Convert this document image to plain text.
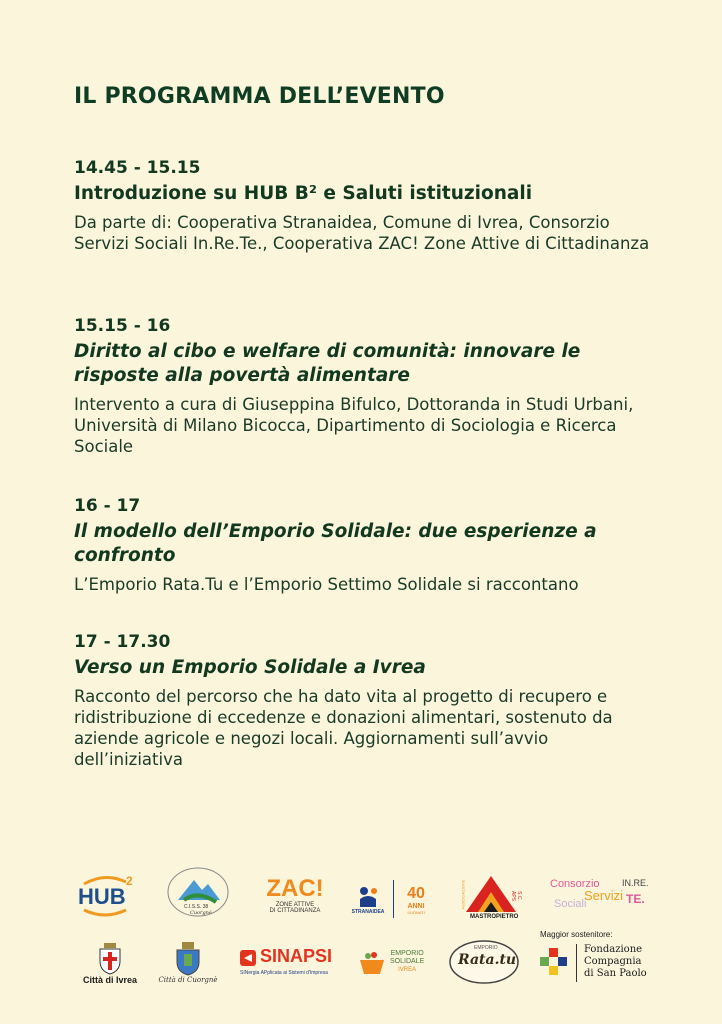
IL PROGRAMMA DELL’EVENTO
14.45 - 15.15
Introduzione su HUB B² e Saluti istituzionali
Da parte di: Cooperativa Stranaidea, Comune di Ivrea, Consorzio Servizi Sociali In.Re.Te., Cooperativa ZAC! Zone Attive di Cittadinanza
15.15 - 16
Diritto al cibo e welfare di comunità: innovare le risposte alla povertà alimentare
Intervento a cura di Giuseppina Bifulco, Dottoranda in Studi Urbani, Università di Milano Bicocca, Dipartimento di Sociologia e Ricerca Sociale
16 - 17
Il modello dell’Emporio Solidale: due esperienze a confronto
L’Emporio Rata.Tu e l’Emporio Settimo Solidale si raccontano
17 - 17.30
Verso un Emporio Solidale a Ivrea
Racconto del percorso che ha dato vita al progetto di recupero e ridistribuzione di eccedenze e donazioni alimentari, sostenuto da aziende agricole e negozi locali. Aggiornamenti sull’avvio dell’iniziativa
HUB
2
C.I.S.S. 38
Cuorgnè
ZAC!
ZONE ATTIVE
DI CITTADINANZA	STRANAIDEA
40
ANNI
SUONATI
MASTROPIETRO
ASSOCIAZIONE	S.C. APS
Consorzio
Servizi
Sociali
IN.RE.
TE.
Città di Ivrea	Città di Cuorgnè
SINAPSI
SINergia APplicata ai Sistemi d'Impresa
EMPORIO
SOLIDALE
IVREA
EMPORIO
Rata.tu
Maggior sostenitore:
Fondazione
Compagnia
di San Paolo
